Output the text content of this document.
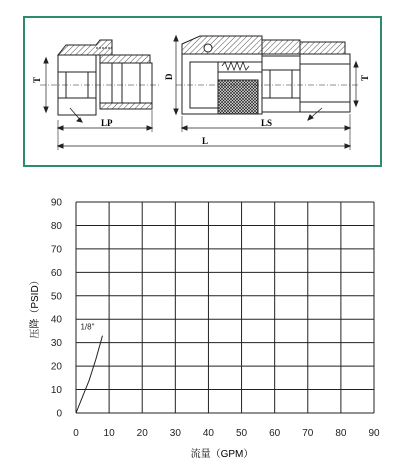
T
LP
D	T
LS
L
0
10
20
30
40
50
60
70
80
90
0 10 20 30 40 50 60 70 80 90
1/8"
压降（PSID）
流量（GPM）
